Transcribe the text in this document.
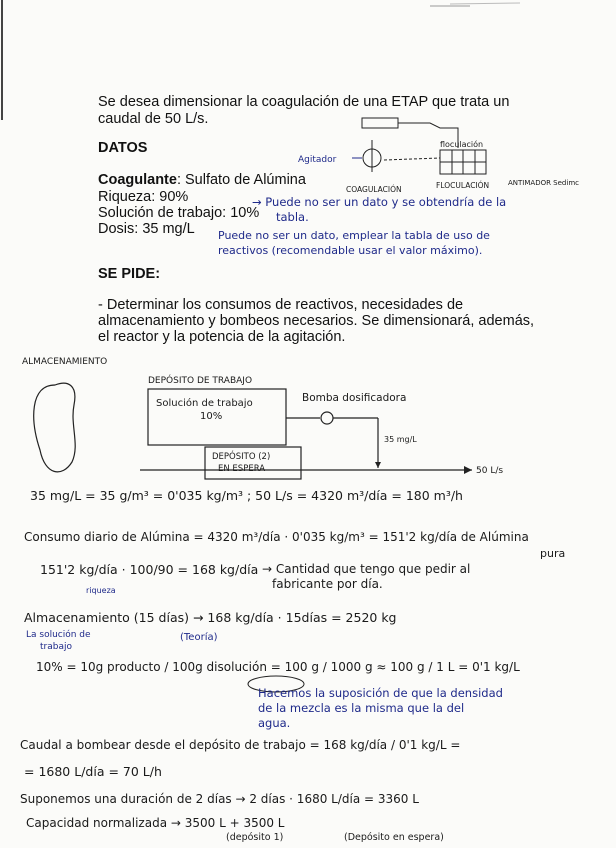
Se desea dimensionar la coagulación de una ETAP que trata un
caudal de 50 L/s.
DATOS
Coagulante: Sulfato de Alúmina
Riqueza: 90%
Solución de trabajo: 10%
Dosis: 35 mg/L
→ Puede no ser un dato y se obtendría de la
tabla.
Puede no ser un dato, emplear la tabla de uso de
reactivos (recomendable usar el valor máximo).
Agitador
floculación
COAGULACIÓN	FLOCULACIÓN	ANTIMADOR Sedimc
SE PIDE:
- Determinar los consumos de reactivos, necesidades de
almacenamiento y bombeos necesarios. Se dimensionará, además,
el reactor y la potencia de la agitación.
ALMACENAMIENTO
DEPÓSITO DE TRABAJO
Solución de trabajo
10%
Bomba dosificadora
DEPÓSITO (2)
EN ESPERA
35 mg/L
50 L/s
35 mg/L = 35 g/m³ = 0'035 kg/m³ ; 50 L/s = 4320 m³/día = 180 m³/h
Consumo diario de Alúmina = 4320 m³/día · 0'035 kg/m³ = 151'2 kg/día de Alúmina
pura
151'2 kg/día · 100/90 = 168 kg/día → Cantidad que tengo que pedir al
fabricante por día.
riqueza
Almacenamiento (15 días) → 168 kg/día · 15días = 2520 kg
(Teoría)
La solución de
trabajo
10% = 10g producto / 100g disolución = 100 g / 1000 g ≈ 100 g / 1 L = 0'1 kg/L
Hacemos la suposición de que la densidad
de la mezcla es la misma que la del
agua.
Caudal a bombear desde el depósito de trabajo = 168 kg/día / 0'1 kg/L =
= 1680 L/día = 70 L/h
Suponemos una duración de 2 días → 2 días · 1680 L/día = 3360 L
Capacidad normalizada → 3500 L + 3500 L
(depósito 1)	(Depósito en espera)
